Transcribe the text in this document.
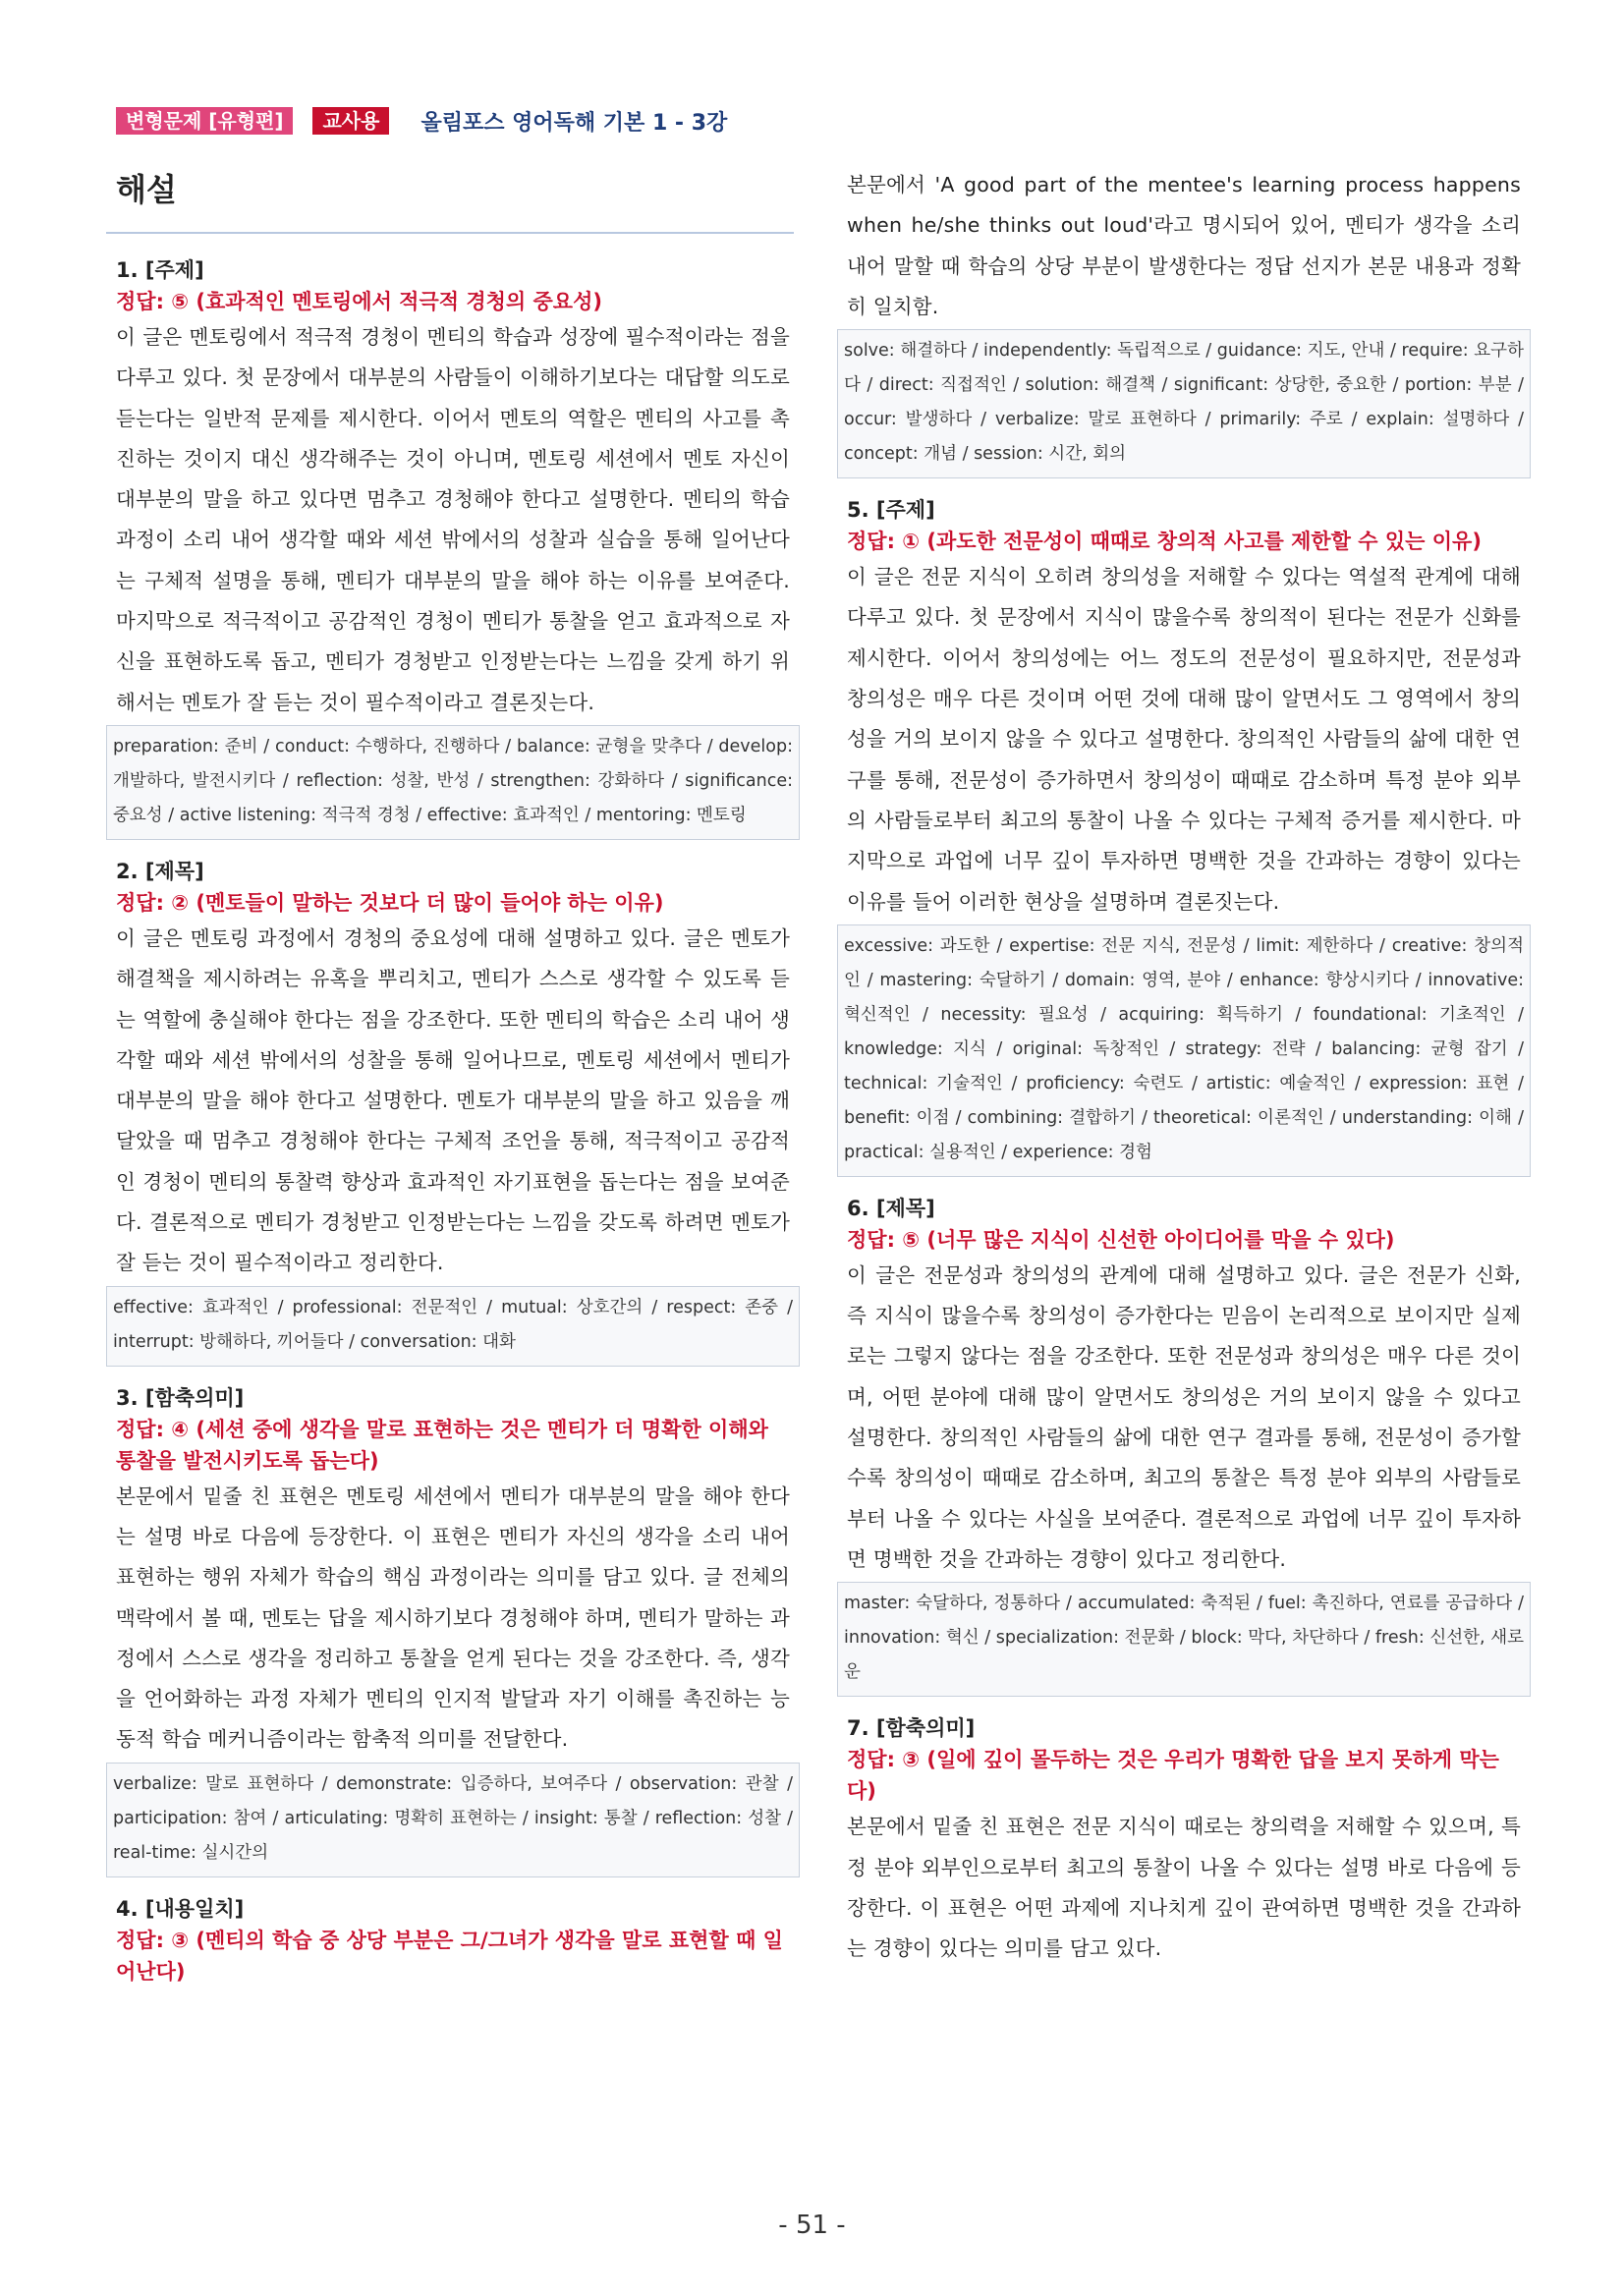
변형문제 [유형편]	교사용	올림포스 영어독해 기본 1 - 3강
해설
1. [주제]
정답: ⑤ (효과적인 멘토링에서 적극적 경청의 중요성)
이 글은 멘토링에서 적극적 경청이 멘티의 학습과 성장에 필수적이라는 점을 다루고 있다. 첫 문장에서 대부분의 사람들이 이해하기보다는 대답할 의도로 듣는다는 일반적 문제를 제시한다. 이어서 멘토의 역할은 멘티의 사고를 촉진하는 것이지 대신 생각해주는 것이 아니며, 멘토링 세션에서 멘토 자신이 대부분의 말을 하고 있다면 멈추고 경청해야 한다고 설명한다. 멘티의 학습 과정이 소리 내어 생각할 때와 세션 밖에서의 성찰과 실습을 통해 일어난다는 구체적 설명을 통해, 멘티가 대부분의 말을 해야 하는 이유를 보여준다. 마지막으로 적극적이고 공감적인 경청이 멘티가 통찰을 얻고 효과적으로 자신을 표현하도록 돕고, 멘티가 경청받고 인정받는다는 느낌을 갖게 하기 위해서는 멘토가 잘 듣는 것이 필수적이라고 결론짓는다.
preparation: 준비 / conduct: 수행하다, 진행하다 / balance: 균형을 맞추다 / develop: 개발하다, 발전시키다 / reflection: 성찰, 반성 / strengthen: 강화하다 / significance: 중요성 / active listening: 적극적 경청 / effective: 효과적인 / mentoring: 멘토링
2. [제목]
정답: ② (멘토들이 말하는 것보다 더 많이 들어야 하는 이유)
이 글은 멘토링 과정에서 경청의 중요성에 대해 설명하고 있다. 글은 멘토가 해결책을 제시하려는 유혹을 뿌리치고, 멘티가 스스로 생각할 수 있도록 듣는 역할에 충실해야 한다는 점을 강조한다. 또한 멘티의 학습은 소리 내어 생각할 때와 세션 밖에서의 성찰을 통해 일어나므로, 멘토링 세션에서 멘티가 대부분의 말을 해야 한다고 설명한다. 멘토가 대부분의 말을 하고 있음을 깨달았을 때 멈추고 경청해야 한다는 구체적 조언을 통해, 적극적이고 공감적인 경청이 멘티의 통찰력 향상과 효과적인 자기표현을 돕는다는 점을 보여준다. 결론적으로 멘티가 경청받고 인정받는다는 느낌을 갖도록 하려면 멘토가 잘 듣는 것이 필수적이라고 정리한다.
effective: 효과적인 / professional: 전문적인 / mutual: 상호간의 / respect: 존중 / interrupt: 방해하다, 끼어들다 / conversation: 대화
3. [함축의미]
정답: ④ (세션 중에 생각을 말로 표현하는 것은 멘티가 더 명확한 이해와 통찰을 발전시키도록 돕는다)
본문에서 밑줄 친 표현은 멘토링 세션에서 멘티가 대부분의 말을 해야 한다는 설명 바로 다음에 등장한다. 이 표현은 멘티가 자신의 생각을 소리 내어 표현하는 행위 자체가 학습의 핵심 과정이라는 의미를 담고 있다. 글 전체의 맥락에서 볼 때, 멘토는 답을 제시하기보다 경청해야 하며, 멘티가 말하는 과정에서 스스로 생각을 정리하고 통찰을 얻게 된다는 것을 강조한다. 즉, 생각을 언어화하는 과정 자체가 멘티의 인지적 발달과 자기 이해를 촉진하는 능동적 학습 메커니즘이라는 함축적 의미를 전달한다.
verbalize: 말로 표현하다 / demonstrate: 입증하다, 보여주다 / observation: 관찰 / participation: 참여 / articulating: 명확히 표현하는 / insight: 통찰 / reflection: 성찰 / real-time: 실시간의
4. [내용일치]
정답: ③ (멘티의 학습 중 상당 부분은 그/그녀가 생각을 말로 표현할 때 일어난다)
본문에서 'A good part of the mentee's learning process happens when he/she thinks out loud'라고 명시되어 있어, 멘티가 생각을 소리 내어 말할 때 학습의 상당 부분이 발생한다는 정답 선지가 본문 내용과 정확히 일치함.
solve: 해결하다 / independently: 독립적으로 / guidance: 지도, 안내 / require: 요구하다 / direct: 직접적인 / solution: 해결책 / significant: 상당한, 중요한 / portion: 부분 / occur: 발생하다 / verbalize: 말로 표현하다 / primarily: 주로 / explain: 설명하다 / concept: 개념 / session: 시간, 회의
5. [주제]
정답: ① (과도한 전문성이 때때로 창의적 사고를 제한할 수 있는 이유)
이 글은 전문 지식이 오히려 창의성을 저해할 수 있다는 역설적 관계에 대해 다루고 있다. 첫 문장에서 지식이 많을수록 창의적이 된다는 전문가 신화를 제시한다. 이어서 창의성에는 어느 정도의 전문성이 필요하지만, 전문성과 창의성은 매우 다른 것이며 어떤 것에 대해 많이 알면서도 그 영역에서 창의성을 거의 보이지 않을 수 있다고 설명한다. 창의적인 사람들의 삶에 대한 연구를 통해, 전문성이 증가하면서 창의성이 때때로 감소하며 특정 분야 외부의 사람들로부터 최고의 통찰이 나올 수 있다는 구체적 증거를 제시한다. 마지막으로 과업에 너무 깊이 투자하면 명백한 것을 간과하는 경향이 있다는 이유를 들어 이러한 현상을 설명하며 결론짓는다.
excessive: 과도한 / expertise: 전문 지식, 전문성 / limit: 제한하다 / creative: 창의적인 / mastering: 숙달하기 / domain: 영역, 분야 / enhance: 향상시키다 / innovative: 혁신적인 / necessity: 필요성 / acquiring: 획득하기 / foundational: 기초적인 / knowledge: 지식 / original: 독창적인 / strategy: 전략 / balancing: 균형 잡기 / technical: 기술적인 / proficiency: 숙련도 / artistic: 예술적인 / expression: 표현 / benefit: 이점 / combining: 결합하기 / theoretical: 이론적인 / understanding: 이해 / practical: 실용적인 / experience: 경험
6. [제목]
정답: ⑤ (너무 많은 지식이 신선한 아이디어를 막을 수 있다)
이 글은 전문성과 창의성의 관계에 대해 설명하고 있다. 글은 전문가 신화, 즉 지식이 많을수록 창의성이 증가한다는 믿음이 논리적으로 보이지만 실제로는 그렇지 않다는 점을 강조한다. 또한 전문성과 창의성은 매우 다른 것이며, 어떤 분야에 대해 많이 알면서도 창의성은 거의 보이지 않을 수 있다고 설명한다. 창의적인 사람들의 삶에 대한 연구 결과를 통해, 전문성이 증가할수록 창의성이 때때로 감소하며, 최고의 통찰은 특정 분야 외부의 사람들로부터 나올 수 있다는 사실을 보여준다. 결론적으로 과업에 너무 깊이 투자하면 명백한 것을 간과하는 경향이 있다고 정리한다.
master: 숙달하다, 정통하다 / accumulated: 축적된 / fuel: 촉진하다, 연료를 공급하다 / innovation: 혁신 / specialization: 전문화 / block: 막다, 차단하다 / fresh: 신선한, 새로운
7. [함축의미]
정답: ③ (일에 깊이 몰두하는 것은 우리가 명확한 답을 보지 못하게 막는다)
본문에서 밑줄 친 표현은 전문 지식이 때로는 창의력을 저해할 수 있으며, 특정 분야 외부인으로부터 최고의 통찰이 나올 수 있다는 설명 바로 다음에 등장한다. 이 표현은 어떤 과제에 지나치게 깊이 관여하면 명백한 것을 간과하는 경향이 있다는 의미를 담고 있다.
- 51 -
